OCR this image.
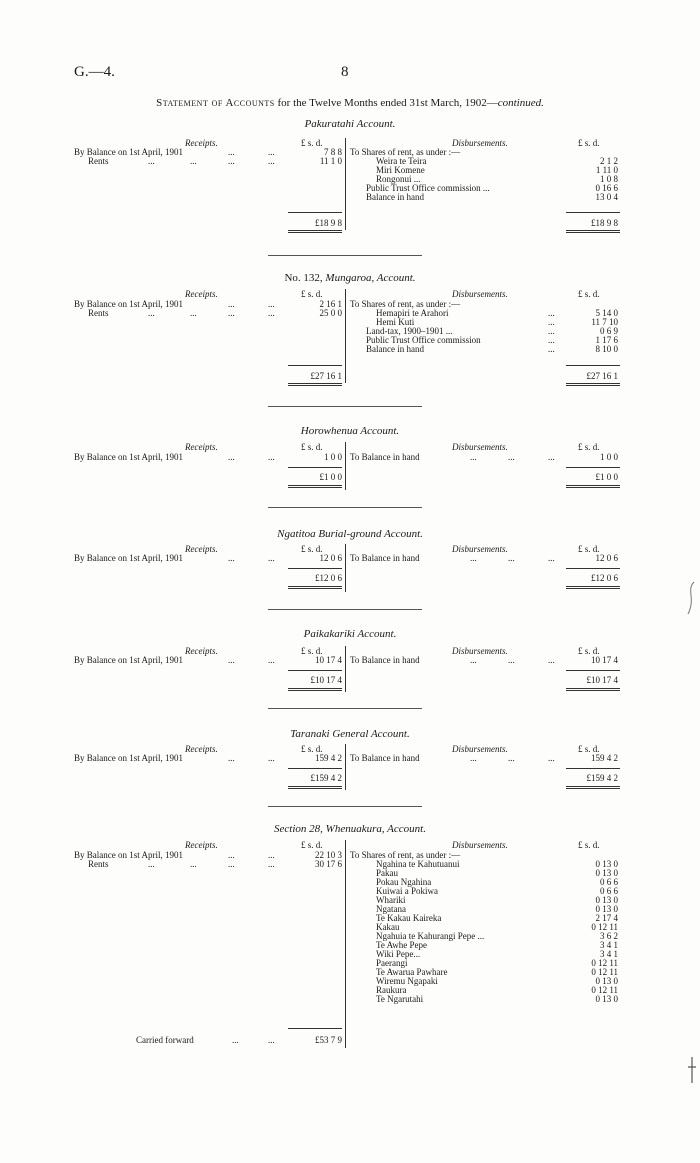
G.—4.	8
Statement of Accounts for the Twelve Months ended 31st March, 1902—continued.
Pakuratahi Account.
Receipts.	Disbursements.
£ s. d.	£ s. d.
By Balance on 1st April, 1901	...	...	7 8 8
Rents	...	...	...	...	11 1 0
To Shares of rent, as under :—
Weira te Teira	2 1 2
Miri Komene	1 11 0
Rongonui ...	1 0 8
Public Trust Office commission ...	0 16 6
Balance in hand	13 0 4
£18 9 8	£18 9 8
No. 132, Mungaroa, Account.
Receipts.	Disbursements.
£ s. d.	£ s. d.
By Balance on 1st April, 1901	...	...	2 16 1
Rents	...	...	...	...	25 0 0
To Shares of rent, as under :—
Hemapiri te Arahori	...	5 14 0
Hemi Kuti	...	11 7 10
Land-tax, 1900–1901 ...	...	0 6 9
Public Trust Office commission	...	1 17 6
Balance in hand	...	8 10 0
£27 16 1	£27 16 1
Horowhenua Account.
Receipts.	Disbursements.
£ s. d.	£ s. d.
By Balance on 1st April, 1901	...	...	1 0 0 To Balance in hand	...	...	...	1 0 0
£1 0 0	£1 0 0
Ngatitoa Burial-ground Account.
Receipts.	Disbursements.
£ s. d.	£ s. d.
By Balance on 1st April, 1901	...	...	12 0 6 To Balance in hand	...	...	...	12 0 6
£12 0 6	£12 0 6
Paikakariki Account.
Receipts.	Disbursements.
£ s. d.	£ s. d.
By Balance on 1st April, 1901	...	...	10 17 4 To Balance in hand	...	...	...	10 17 4
£10 17 4	£10 17 4
Taranaki General Account.
Receipts.	Disbursements.
£ s. d.	£ s. d.
By Balance on 1st April, 1901	...	...	159 4 2 To Balance in hand	...	...	...	159 4 2
£159 4 2	£159 4 2
Section 28, Whenuakura, Account.
Receipts.	Disbursements.
£ s. d.	£ s. d.
By Balance on 1st April, 1901	...	...	22 10 3
Rents	...	...	...	...	30 17 6
To Shares of rent, as under :—
Ngahina te Kahutuanui	0 13 0
Pakau	0 13 0
Pokau Ngahina	0 6 6
Kuiwai a Pokiwa	0 6 6
Whariki	0 13 0
Ngatana	0 13 0
Te Kakau Kaireka	2 17 4
Kakau	0 12 11
Ngahuia te Kahurangi Pepe ...	3 6 2
Te Awhe Pepe	3 4 1
Wiki Pepe...	3 4 1
Paerangi	0 12 11
Te Awarua Pawhare	0 12 11
Wiremu Ngapaki	0 13 0
Raukura	0 12 11
Te Ngarutahi	0 13 0
Carried forward	...	...	£53 7 9
